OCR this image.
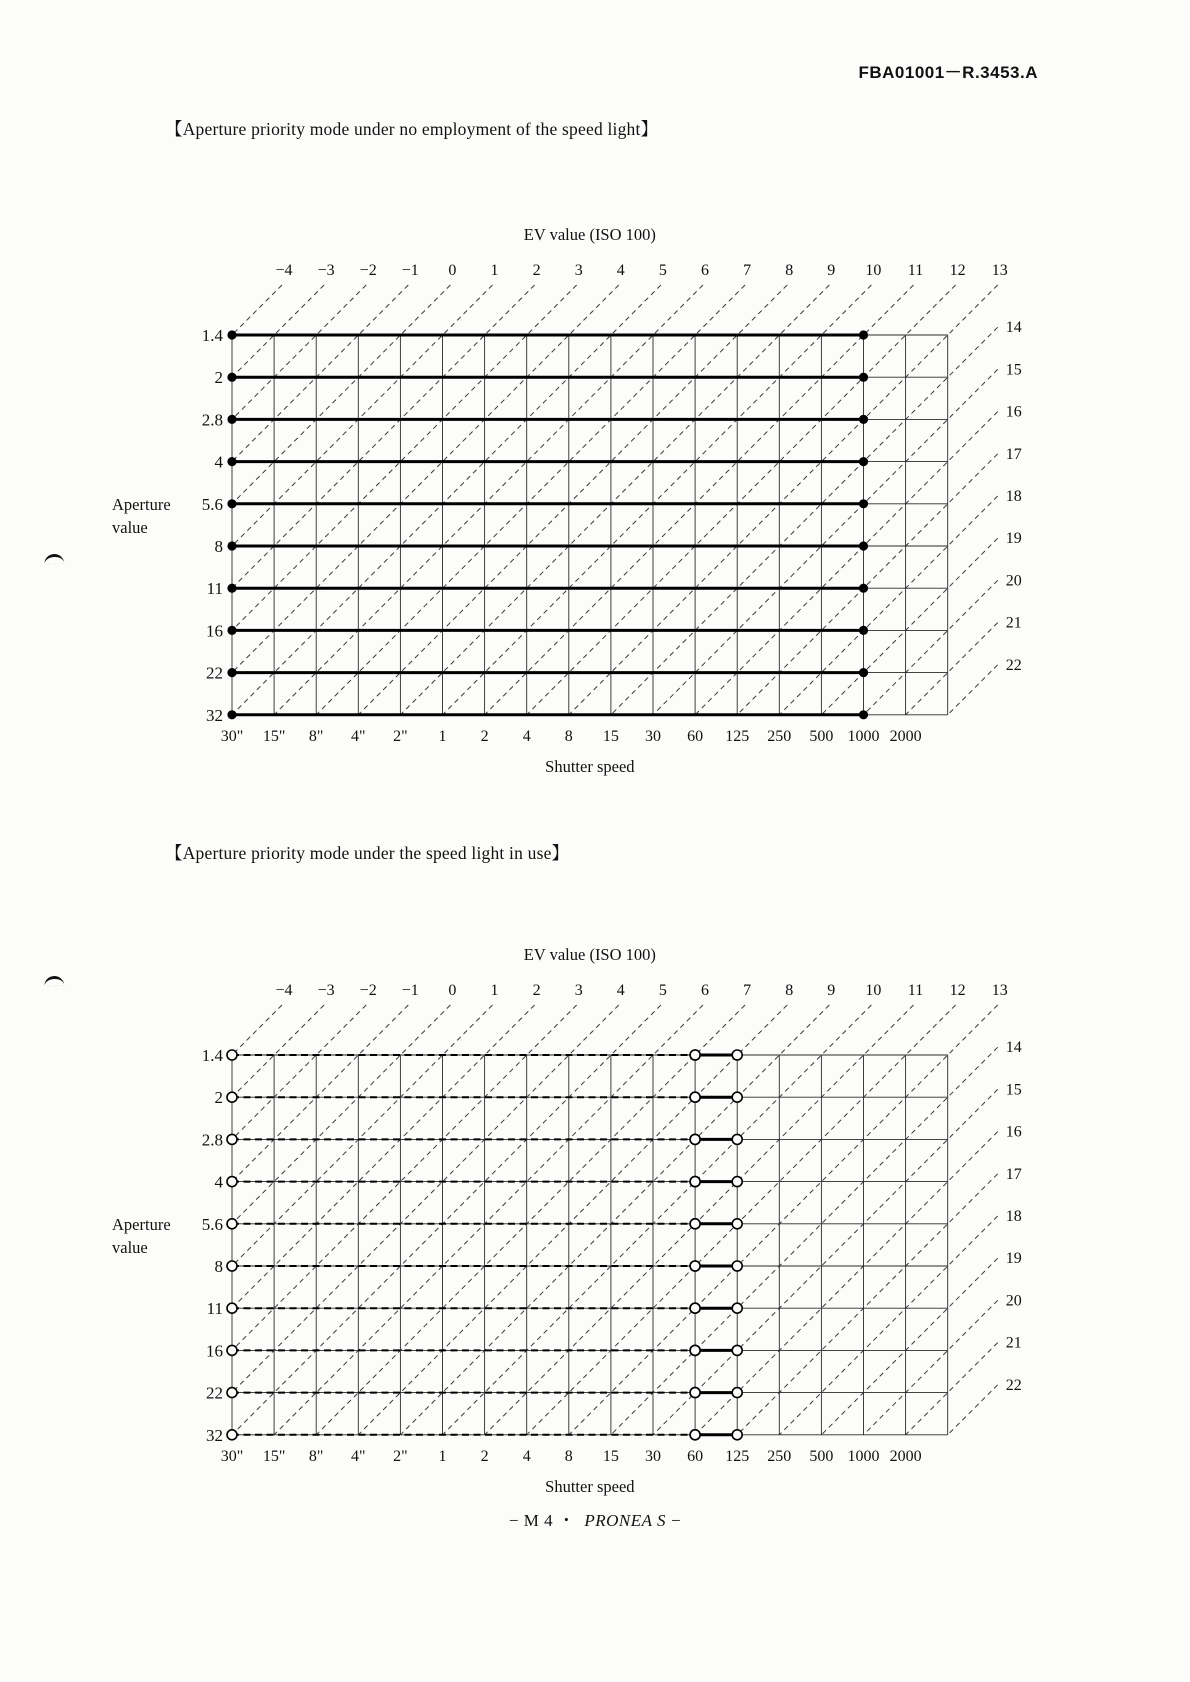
FBA01001－R.3453.A
【Aperture priority mode under no employment of the speed light】
【Aperture priority mode under the speed light in use】
−4 −3 −2 −1 0 1 2 3 4 5 6 7 8 9 10 11 12 13
14
15
16
17
18
19
20
21
22
30" 15" 8" 4" 2" 1 2 4 8 15 30 60 125 250 500 1000 2000
1.4
2
2.8
4
5.6
8
11
16
22
32
EV value (ISO 100)
Shutter speed
Aperture
value
−4 −3 −2 −1 0 1 2 3 4 5 6 7 8 9 10 11 12 13
14
15
16
17
18
19
20
21
22
30" 15" 8" 4" 2" 1 2 4 8 15 30 60 125 250 500 1000 2000
1.4
2
2.8
4
5.6
8
11
16
22
32
EV value (ISO 100)
Shutter speed
Aperture
value
− M 4 ・ PRONEA S −
